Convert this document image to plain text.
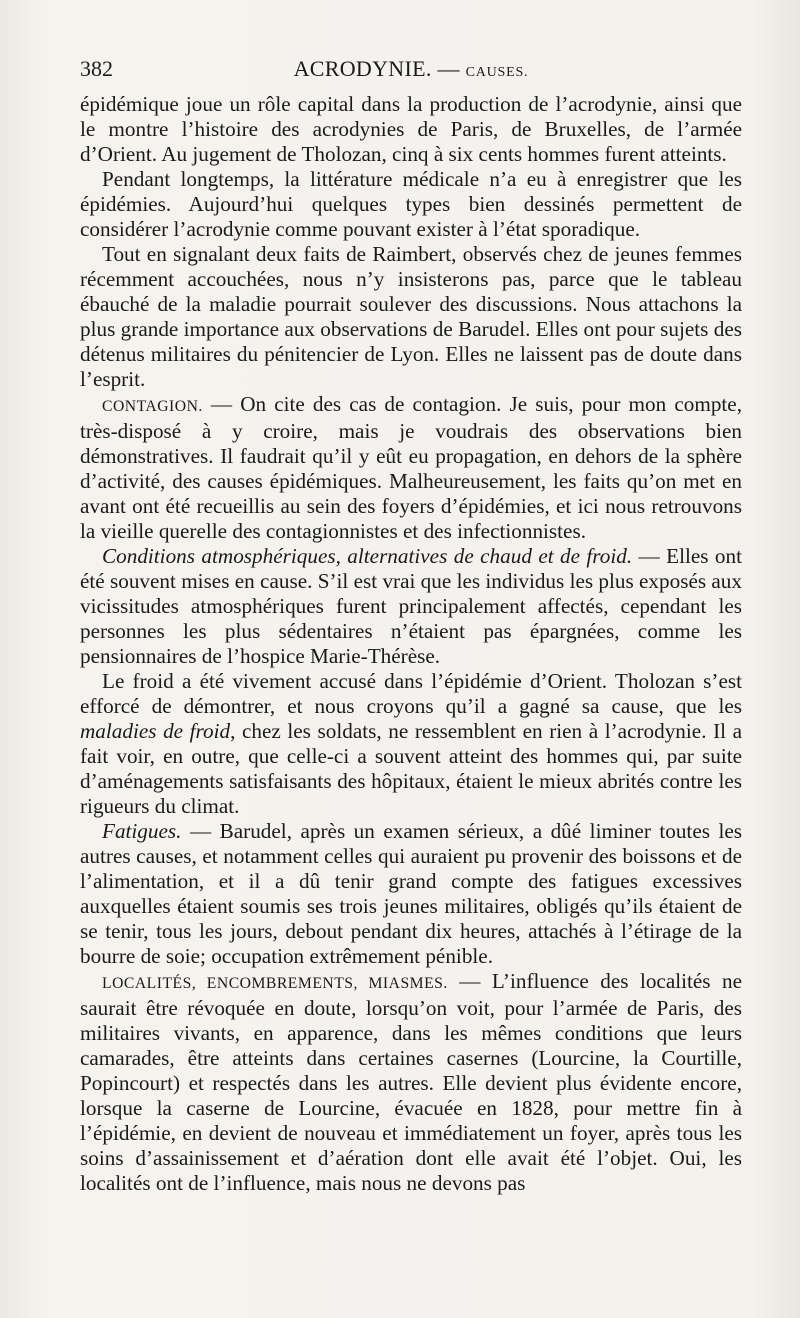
382	ACRODYNIE. — CAUSES.

épidémique joue un rôle capital dans la production de l’acrodynie, ainsi que le montre l’histoire des acrodynies de Paris, de Bruxelles, de l’armée d’Orient. Au jugement de Tholozan, cinq à six cents hommes furent atteints.

Pendant longtemps, la littérature médicale n’a eu à enregistrer que les épidémies. Aujourd’hui quelques types bien dessinés permettent de considérer l’acrodynie comme pouvant exister à l’état sporadique.

Tout en signalant deux faits de Raimbert, observés chez de jeunes femmes récemment accouchées, nous n’y insisterons pas, parce que le tableau ébauché de la maladie pourrait soulever des discussions. Nous attachons la plus grande importance aux observations de Barudel. Elles ont pour sujets des détenus militaires du pénitencier de Lyon. Elles ne laissent pas de doute dans l’esprit.

CONTAGION. — On cite des cas de contagion. Je suis, pour mon compte, très-disposé à y croire, mais je voudrais des observations bien démonstratives. Il faudrait qu’il y eût eu propagation, en dehors de la sphère d’activité, des causes épidémiques. Malheureusement, les faits qu’on met en avant ont été recueillis au sein des foyers d’épidémies, et ici nous retrouvons la vieille querelle des contagionnistes et des infectionnistes.

Conditions atmosphériques, alternatives de chaud et de froid. — Elles ont été souvent mises en cause. S’il est vrai que les individus les plus exposés aux vicissitudes atmosphériques furent principalement affectés, cependant les personnes les plus sédentaires n’étaient pas épargnées, comme les pensionnaires de l’hospice Marie-Thérèse.

Le froid a été vivement accusé dans l’épidémie d’Orient. Tholozan s’est efforcé de démontrer, et nous croyons qu’il a gagné sa cause, que les maladies de froid, chez les soldats, ne ressemblent en rien à l’acrodynie. Il a fait voir, en outre, que celle-ci a souvent atteint des hommes qui, par suite d’aménagements satisfaisants des hôpitaux, étaient le mieux abrités contre les rigueurs du climat.

Fatigues. — Barudel, après un examen sérieux, a dûé liminer toutes les autres causes, et notamment celles qui auraient pu provenir des boissons et de l’alimentation, et il a dû tenir grand compte des fatigues excessives auxquelles étaient soumis ses trois jeunes militaires, obligés qu’ils étaient de se tenir, tous les jours, debout pendant dix heures, attachés à l’étirage de la bourre de soie; occupation extrêmement pénible.

LOCALITÉS, ENCOMBREMENTS, MIASMES. — L’influence des localités ne saurait être révoquée en doute, lorsqu’on voit, pour l’armée de Paris, des militaires vivants, en apparence, dans les mêmes conditions que leurs camarades, être atteints dans certaines casernes (Lourcine, la Courtille, Popincourt) et respectés dans les autres. Elle devient plus évidente encore, lorsque la caserne de Lourcine, évacuée en 1828, pour mettre fin à l’épidémie, en devient de nouveau et immédiatement un foyer, après tous les soins d’assainissement et d’aération dont elle avait été l’objet. Oui, les localités ont de l’influence, mais nous ne devons pas
